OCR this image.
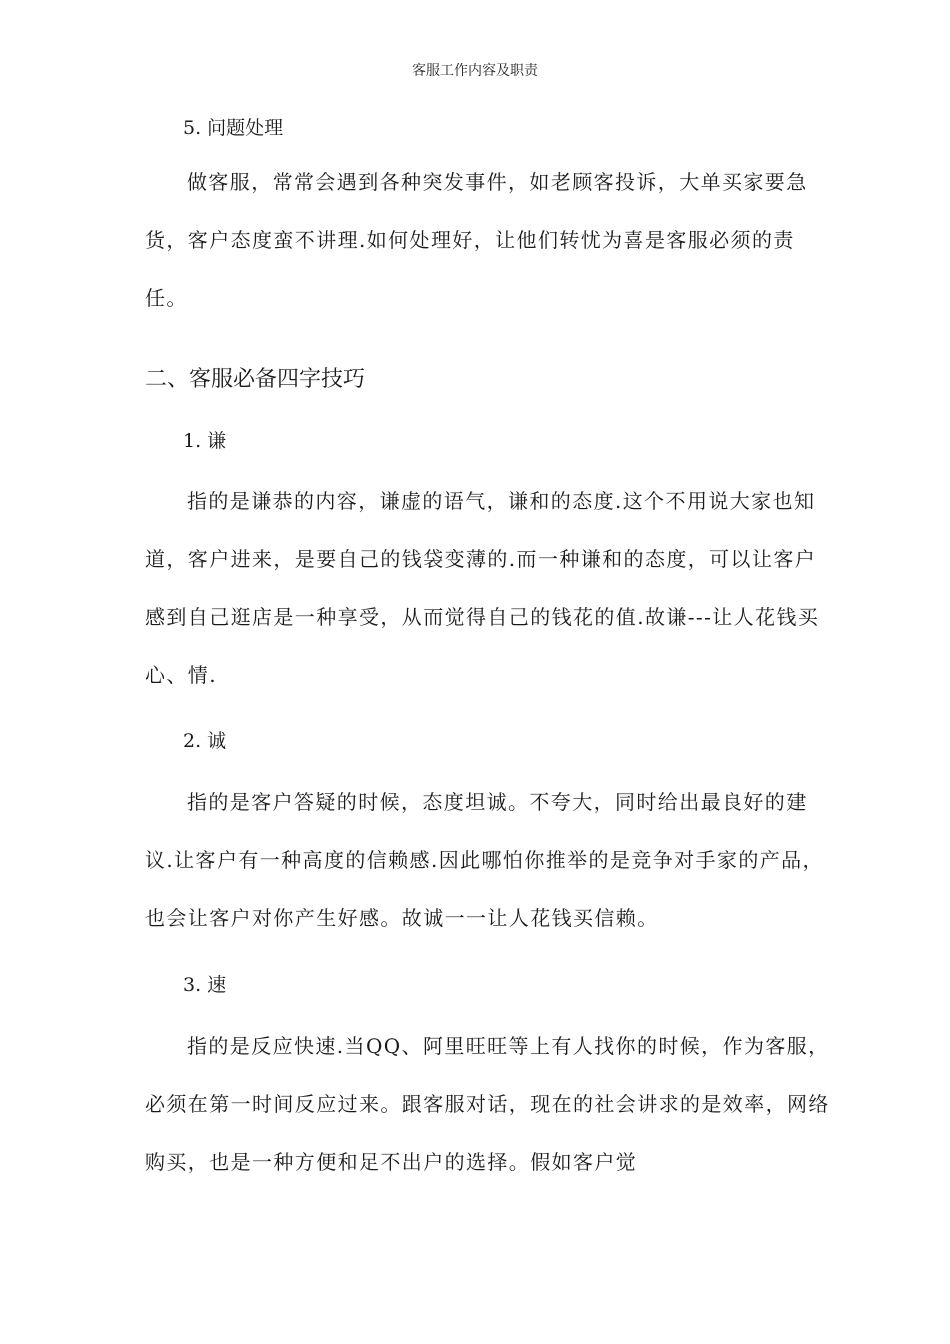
客服工作内容及职责
5. 问题处理

做客服，常常会遇到各种突发事件，如老顾客投诉，大单买家要急货，客户态度蛮不讲理.如何处理好，让他们转忧为喜是客服必须的责任。

二、客服必备四字技巧
1. 谦

指的是谦恭的内容，谦虚的语气，谦和的态度.这个不用说大家也知道，客户进来，是要自己的钱袋变薄的.而一种谦和的态度，可以让客户感到自己逛店是一种享受，从而觉得自己的钱花的值.故谦---让人花钱买心、情.

2. 诚

指的是客户答疑的时候，态度坦诚。不夸大，同时给出最良好的建议.让客户有一种高度的信赖感.因此哪怕你推举的是竞争对手家的产品，也会让客户对你产生好感。故诚一一让人花钱买信赖。

3. 速

指的是反应快速.当QQ、阿里旺旺等上有人找你的时候，作为客服，必须在第一时间反应过来。跟客服对话，现在的社会讲求的是效率，网络购买，也是一种方便和足不出户的选择。假如客户觉
